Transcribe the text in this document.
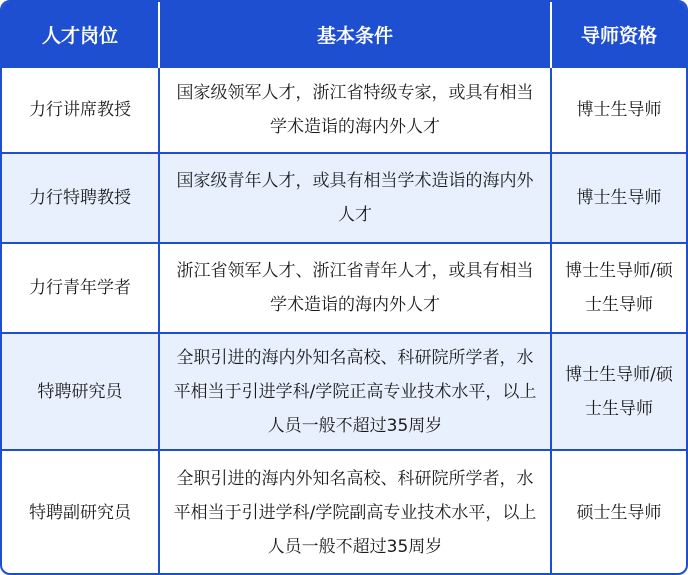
人才岗位	基本条件	导师资格
力行讲席教授	国家级领军人才，浙江省特级专家，或具有相当学术造诣的海内外人才	博士生导师
力行特聘教授	国家级青年人才，或具有相当学术造诣的海内外人才	博士生导师
力行青年学者	浙江省领军人才、浙江省青年人才，或具有相当学术造诣的海内外人才	博士生导师/硕士生导师
特聘研究员	全职引进的海内外知名高校、科研院所学者，水平相当于引进学科/学院正高专业技术水平，以上人员一般不超过35周岁	博士生导师/硕士生导师
特聘副研究员	全职引进的海内外知名高校、科研院所学者，水平相当于引进学科/学院副高专业技术水平，以上人员一般不超过35周岁	硕士生导师
